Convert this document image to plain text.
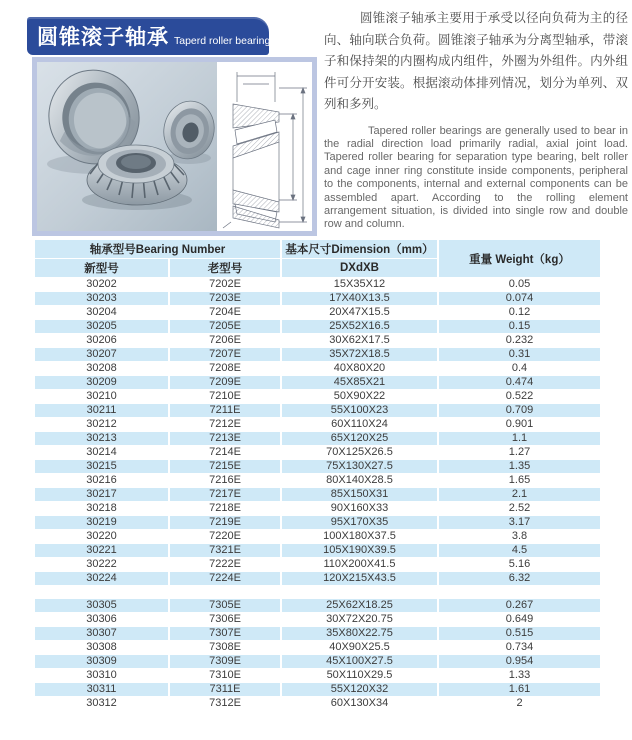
圆锥滚子轴承 Taperd roller bearings

圆锥滚子轴承主要用于承受以径向负荷为主的径向、轴向联合负荷。圆锥滚子轴承为分离型轴承，带滚子和保持架的内圈构成内组件，外圈为外组件。内外组件可分开安装。根据滚动体排列情况，划分为单列、双列和多列。

Tapered roller bearings are generally used to bear in the radial direction load primarily radial, axial joint load. Tapered roller bearing for separation type bearing, belt roller and cage inner ring constitute inside components, peripheral to the components, internal and external components can be assembled apart. According to the rolling element arrangement situation, is divided into single row and double row and column.

轴承型号Bearing Number		基本尺寸Dimension（mm）	重量 Weight（kg）
新型号	老型号	DXdXB	
30202	7202E	15X35X12	0.05
30203	7203E	17X40X13.5	0.074
30204	7204E	20X47X15.5	0.12
30205	7205E	25X52X16.5	0.15
30206	7206E	30X62X17.5	0.232
30207	7207E	35X72X18.5	0.31
30208	7208E	40X80X20	0.4
30209	7209E	45X85X21	0.474
30210	7210E	50X90X22	0.522
30211	7211E	55X100X23	0.709
30212	7212E	60X110X24	0.901
30213	7213E	65X120X25	1.1
30214	7214E	70X125X26.5	1.27
30215	7215E	75X130X27.5	1.35
30216	7216E	80X140X28.5	1.65
30217	7217E	85X150X31	2.1
30218	7218E	90X160X33	2.52
30219	7219E	95X170X35	3.17
30220	7220E	100X180X37.5	3.8
30221	7321E	105X190X39.5	4.5
30222	7222E	110X200X41.5	5.16
30224	7224E	120X215X43.5	6.32

30305	7305E	25X62X18.25	0.267
30306	7306E	30X72X20.75	0.649
30307	7307E	35X80X22.75	0.515
30308	7308E	40X90X25.5	0.734
30309	7309E	45X100X27.5	0.954
30310	7310E	50X110X29.5	1.33
30311	7311E	55X120X32	1.61
30312	7312E	60X130X34	2
